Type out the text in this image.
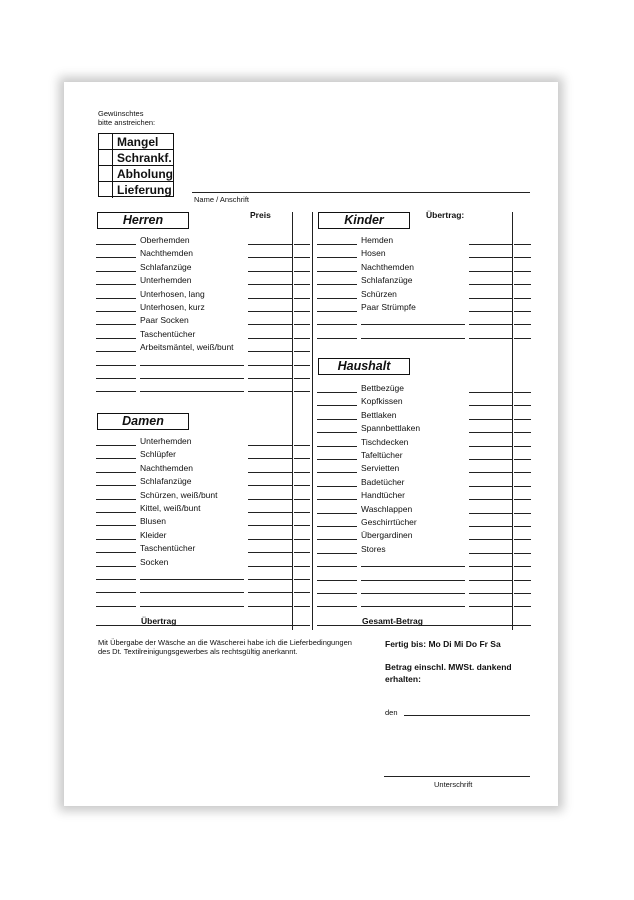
Gewünschtes
bitte anstreichen:
Mangel
Schrankf.
Abholung
Lieferung
Name / Anschrift
Preis	Übertrag:
Herren
Damen
Kinder
Haushalt
Oberhemden
Nachthemden
Schlafanzüge
Unterhemden
Unterhosen, lang
Unterhosen, kurz
Paar Socken
Taschentücher
Arbeitsmäntel, weiß/bunt
Unterhemden
Schlüpfer
Nachthemden
Schlafanzüge
Schürzen, weiß/bunt
Kittel, weiß/bunt
Blusen
Kleider
Taschentücher
Socken
Hemden
Hosen
Nachthemden
Schlafanzüge
Schürzen
Paar Strümpfe
Bettbezüge
Kopfkissen
Bettlaken
Spannbettlaken
Tischdecken
Tafeltücher
Servietten
Badetücher
Handtücher
Waschlappen
Geschirrtücher
Übergardinen
Stores
Übertrag	Gesamt-Betrag
Mit Übergabe der Wäsche an die Wäscherei habe ich die Lieferbedingungen
des Dt. Textilreinigungsgewerbes als rechtsgültig anerkannt.
Fertig bis: Mo Di Mi Do Fr Sa
Betrag einschl. MWSt. dankend
erhalten:
den
Unterschrift
